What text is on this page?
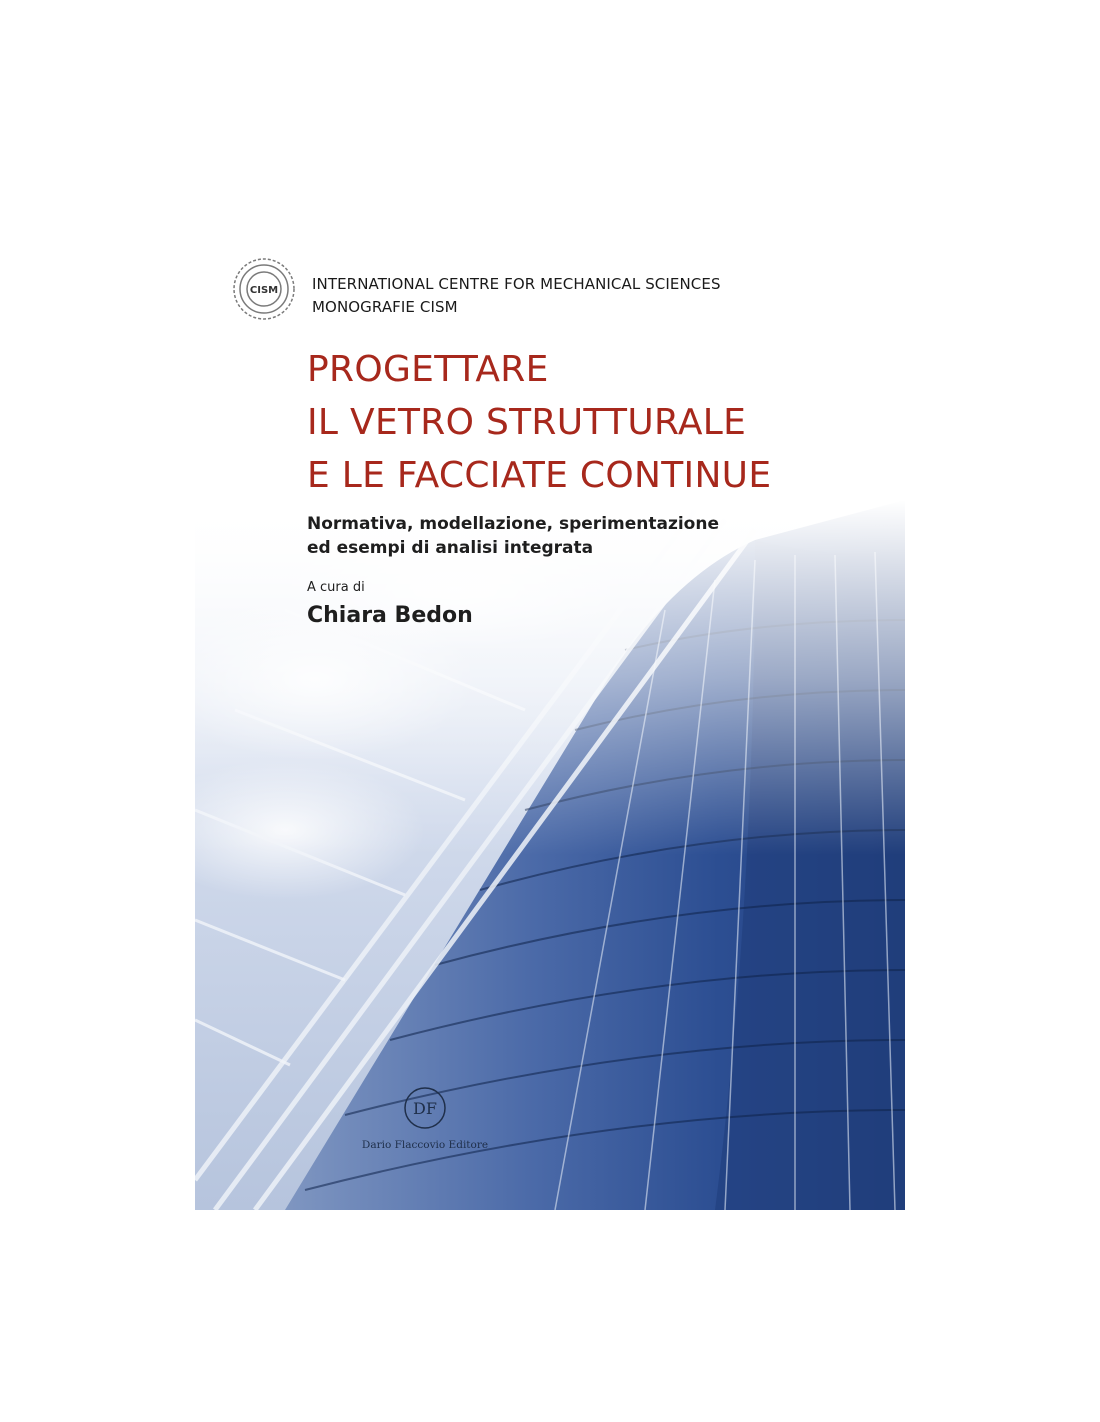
CISM INTERNATIONAL CENTRE FOR MECHANICAL SCIENCES
MONOGRAFIE CISM
PROGETTARE
IL VETRO STRUTTURALE
E LE FACCIATE CONTINUE
Normativa, modellazione, sperimentazione
ed esempi di analisi integrata
A cura di
Chiara Bedon
DF
Dario Flaccovio Editore
